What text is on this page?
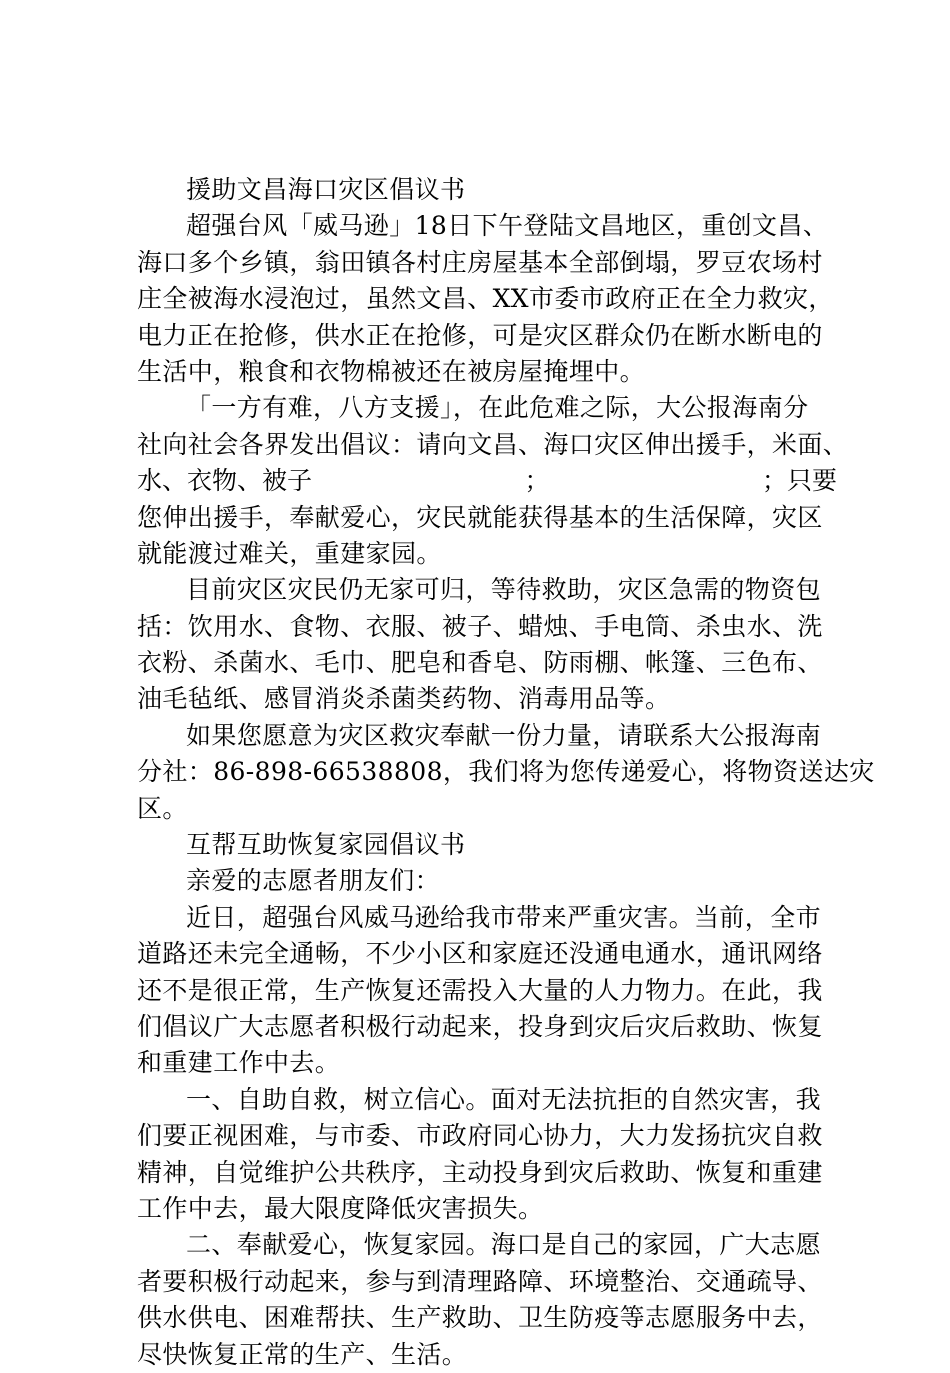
援助文昌海口灾区倡议书
超强台风「威马逊」18日下午登陆文昌地区，重创文昌、
海口多个乡镇，翁田镇各村庄房屋基本全部倒塌，罗豆农场村
庄全被海水浸泡过，虽然文昌、XX市委市政府正在全力救灾，
电力正在抢修，供水正在抢修，可是灾区群众仍在断水断电的
生活中，粮食和衣物棉被还在被房屋掩埋中。
「一方有难，八方支援」，在此危难之际，大公报海南分
社向社会各界发出倡议：请向文昌、海口灾区伸出援手，米面、
水、衣物、被子	；	；只要
您伸出援手，奉献爱心，灾民就能获得基本的生活保障，灾区
就能渡过难关，重建家园。
目前灾区灾民仍无家可归，等待救助，灾区急需的物资包
括：饮用水、食物、衣服、被子、蜡烛、手电筒、杀虫水、洗
衣粉、杀菌水、毛巾、肥皂和香皂、防雨棚、帐篷、三色布、
油毛毡纸、感冒消炎杀菌类药物、消毒用品等。
如果您愿意为灾区救灾奉献一份力量，请联系大公报海南
分社：86-898-66538808，我们将为您传递爱心，将物资送达灾
区。
互帮互助恢复家园倡议书
亲爱的志愿者朋友们：
近日，超强台风威马逊给我市带来严重灾害。当前，全市
道路还未完全通畅，不少小区和家庭还没通电通水，通讯网络
还不是很正常，生产恢复还需投入大量的人力物力。在此，我
们倡议广大志愿者积极行动起来，投身到灾后灾后救助、恢复
和重建工作中去。
一、自助自救，树立信心。面对无法抗拒的自然灾害，我
们要正视困难，与市委、市政府同心协力，大力发扬抗灾自救
精神，自觉维护公共秩序，主动投身到灾后救助、恢复和重建
工作中去，最大限度降低灾害损失。
二、奉献爱心，恢复家园。海口是自己的家园，广大志愿
者要积极行动起来，参与到清理路障、环境整治、交通疏导、
供水供电、困难帮扶、生产救助、卫生防疫等志愿服务中去，
尽快恢复正常的生产、生活。
